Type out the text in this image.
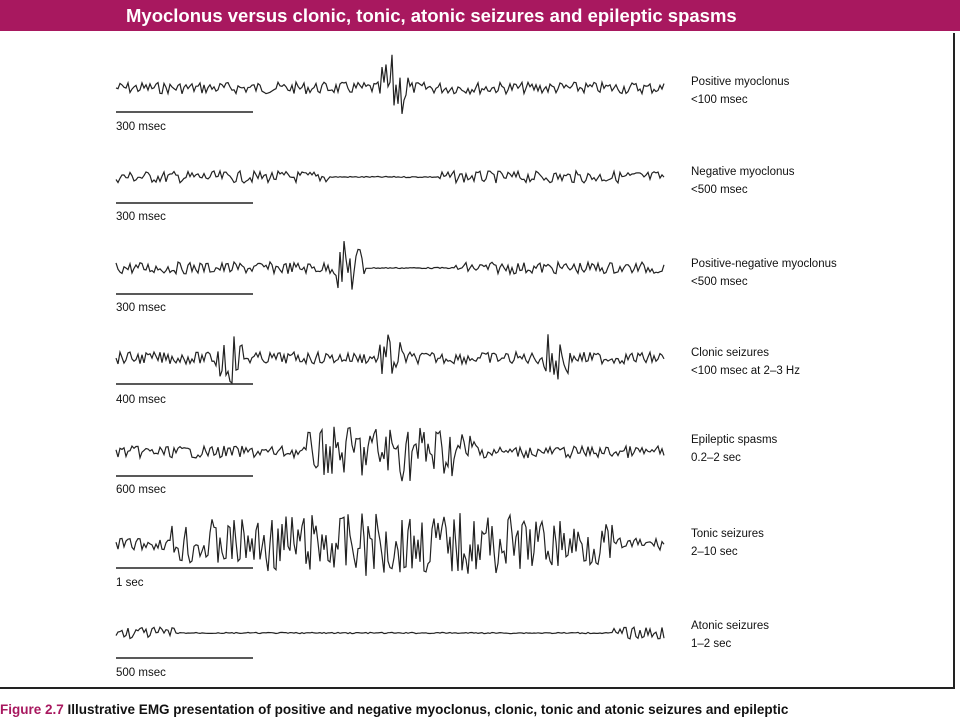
Myoclonus versus clonic, tonic, atonic seizures and epileptic spasms
Positive myoclonus
<100 msec
Negative myoclonus
<500 msec
Positive-negative myoclonus
<500 msec
Clonic seizures
<100 msec at 2–3 Hz
Epileptic spasms
0.2–2 sec
Tonic seizures
2–10 sec
Atonic seizures
1–2 sec
300 msec
300 msec
300 msec
400 msec
600 msec
1 sec
500 msec
Figure 2.7 Illustrative EMG presentation of positive and negative myoclonus, clonic, tonic and atonic seizures and epileptic
